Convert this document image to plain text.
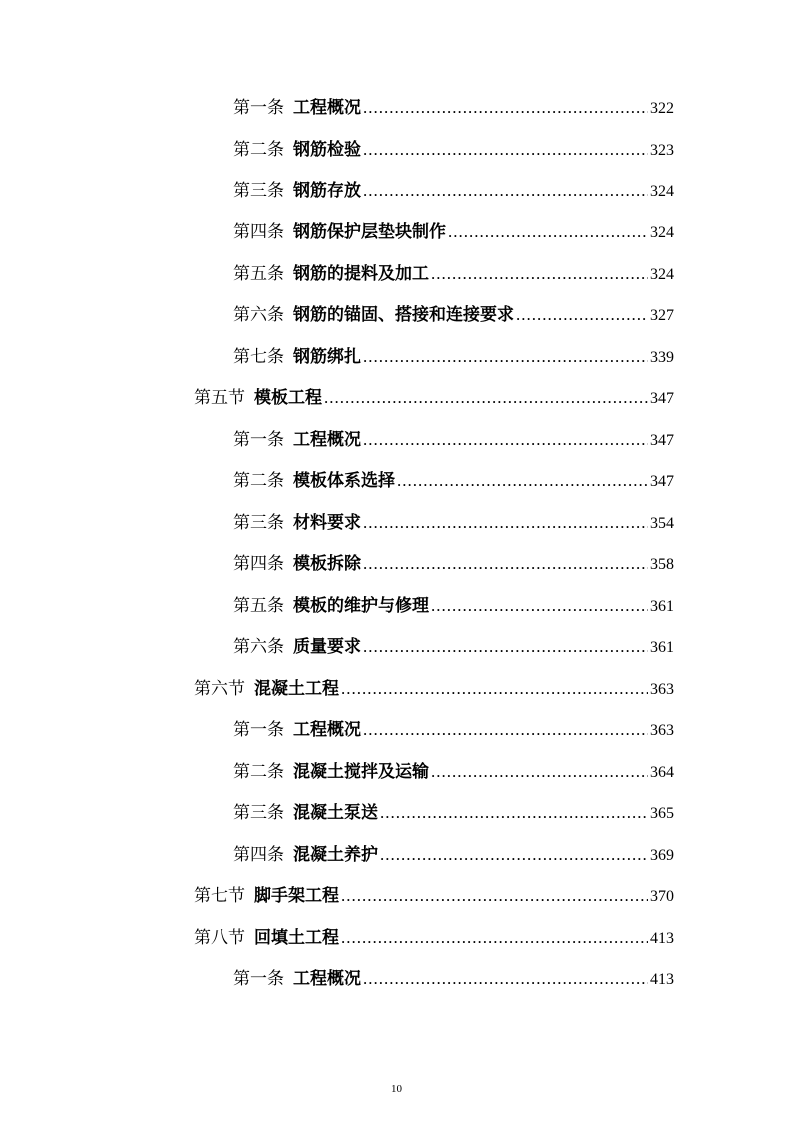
第一条 工程概况 .....	322
第二条 钢筋检验 .....	323
第三条 钢筋存放 .....	324
第四条 钢筋保护层垫块制作 .....	324
第五条 钢筋的提料及加工 .....	324
第六条 钢筋的锚固、搭接和连接要求 .....	327
第七条 钢筋绑扎 .....	339
第五节 模板工程 .....	347
第一条 工程概况 .....	347
第二条 模板体系选择 .....	347
第三条 材料要求 .....	354
第四条 模板拆除 .....	358
第五条 模板的维护与修理 .....	361
第六条 质量要求 .....	361
第六节 混凝土工程 .....	363
第一条 工程概况 .....	363
第二条 混凝土搅拌及运输 .....	364
第三条 混凝土泵送 .....	365
第四条 混凝土养护 .....	369
第七节 脚手架工程 .....	370
第八节 回填土工程 .....	413
第一条 工程概况 .....	413
10
